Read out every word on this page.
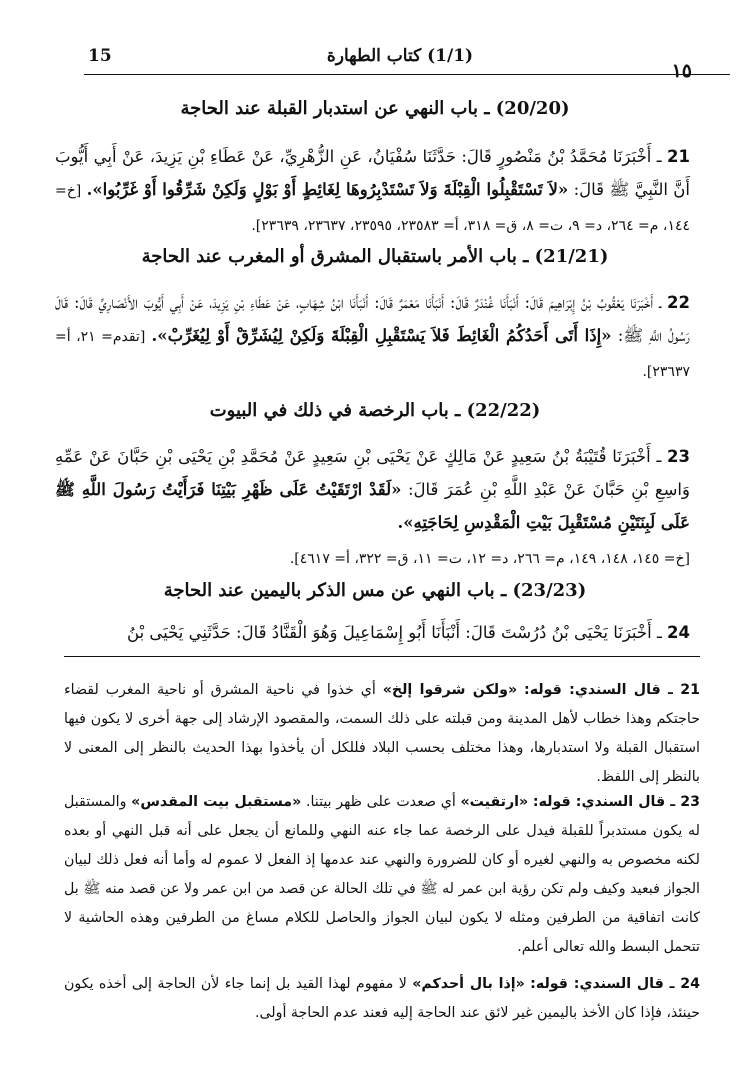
15	(1/1) كتاب الطهارة
١٥
(20/20) ـ باب النهي عن استدبار القبلة عند الحاجة
21 ـ أَخْبَرَنَا مُحَمَّدُ بْنُ مَنْصُورٍ قَالَ: حَدَّثَنَا سُفْيَانُ، عَنِ الزُّهْرِيِّ، عَنْ عَطَاءِ بْنِ يَزِيدَ، عَنْ أَبِي أَيُّوبَ أَنَّ النَّبِيَّ ﷺ قَالَ: «لاَ تَسْتَقْبِلُوا الْقِبْلَةَ وَلاَ تَسْتَدْبِرُوهَا لِغَائِطٍ أَوْ بَوْلٍ وَلَكِنْ شَرِّقُوا أَوْ غَرِّبُوا». [خ= ١٤٤، م= ٢٦٤، د= ٩، ت= ٨، ق= ٣١٨، أ= ٢٣٥٨٣، ٢٣٥٩٥، ٢٣٦٣٧، ٢٣٦٣٩].
(21/21) ـ باب الأمر باستقبال المشرق أو المغرب عند الحاجة
22 ـ أَخْبَرَنَا يَعْقُوبُ بْنُ إِبْرَاهِيمَ قَالَ: أَنْبَأَنَا غُنْدَرٌ قَالَ: أَنْبَأَنَا مَعْمَرٌ قَالَ: أَنْبَأَنَا ابْنُ شِهَابٍ، عَنْ عَطَاءِ بْنِ يَزِيدَ، عَنْ أَبِي أَيُّوبَ الأَنْصَارِيِّ قَالَ: قَالَ رَسُولُ اللَّهِ ﷺ: «إِذَا أَتَى أَحَدُكُمُ الْغَائِطَ فَلاَ يَسْتَقْبِلِ الْقِبْلَةَ وَلَكِنْ لِيُشَرِّقْ أَوْ لِيُغَرِّبْ». [تقدم= ٢١، أ= ٢٣٦٣٧].
(22/22) ـ باب الرخصة في ذلك في البيوت
23 ـ أَخْبَرَنَا قُتَيْبَةُ بْنُ سَعِيدٍ عَنْ مَالِكٍ عَنْ يَحْيَى بْنِ سَعِيدٍ عَنْ مُحَمَّدِ بْنِ يَحْيَى بْنِ حَبَّانَ عَنْ عَمِّهِ وَاسِعِ بْنِ حَبَّانَ عَنْ عَبْدِ اللَّهِ بْنِ عُمَرَ قَالَ: «لَقَدْ ارْتَقَيْتُ عَلَى ظَهْرِ بَيْتِنَا فَرَأَيْتُ رَسُولَ اللَّهِ ﷺ عَلَى لَبِنَتَيْنِ مُسْتَقْبِلَ بَيْتِ الْمَقْدِسِ لِحَاجَتِهِ».
[خ= ١٤٥، ١٤٨، ١٤٩، م= ٢٦٦، د= ١٢، ت= ١١، ق= ٣٢٢، أ= ٤٦١٧].
(23/23) ـ باب النهي عن مس الذكر باليمين عند الحاجة
24 ـ أَخْبَرَنَا يَحْيَى بْنُ دُرُسْتَ قَالَ: أَنْبَأَنَا أَبُو إِسْمَاعِيلَ وَهُوَ الْقَنَّادُ قَالَ: حَدَّثَنِي يَحْيَى بْنُ
21 ـ قال السندي: قوله: «ولكن شرقوا إلخ» أي خذوا في ناحية المشرق أو ناحية المغرب لقضاء حاجتكم وهذا خطاب لأهل المدينة ومن قبلته على ذلك السمت، والمقصود الإرشاد إلى جهة أخرى لا يكون فيها استقبال القبلة ولا استدبارها، وهذا مختلف بحسب البلاد فللكل أن يأخذوا بهذا الحديث بالنظر إلى المعنى لا بالنظر إلى اللفظ.
23 ـ قال السندي: قوله: «ارتقيت» أي صعدت على ظهر بيتنا. «مستقبل بيت المقدس» والمستقبل له يكون مستدبراً للقبلة فيدل على الرخصة عما جاء عنه النهي وللمانع أن يجعل على أنه قبل النهي أو بعده لكنه مخصوص به والنهي لغيره أو كان للضرورة والنهي عند عدمها إذ الفعل لا عموم له وأما أنه فعل ذلك لبيان الجواز فبعيد وكيف ولم تكن رؤية ابن عمر له ﷺ في تلك الحالة عن قصد من ابن عمر ولا عن قصد منه ﷺ بل كانت اتفاقية من الطرفين ومثله لا يكون لبيان الجواز والحاصل للكلام مساغ من الطرفين وهذه الحاشية لا تتحمل البسط والله تعالى أعلم.
24 ـ قال السندي: قوله: «إذا بال أحدكم» لا مفهوم لهذا القيد بل إنما جاء لأن الحاجة إلى أخذه يكون حينئذ، فإذا كان الأخذ باليمين غير لائق عند الحاجة إليه فعند عدم الحاجة أولى.
